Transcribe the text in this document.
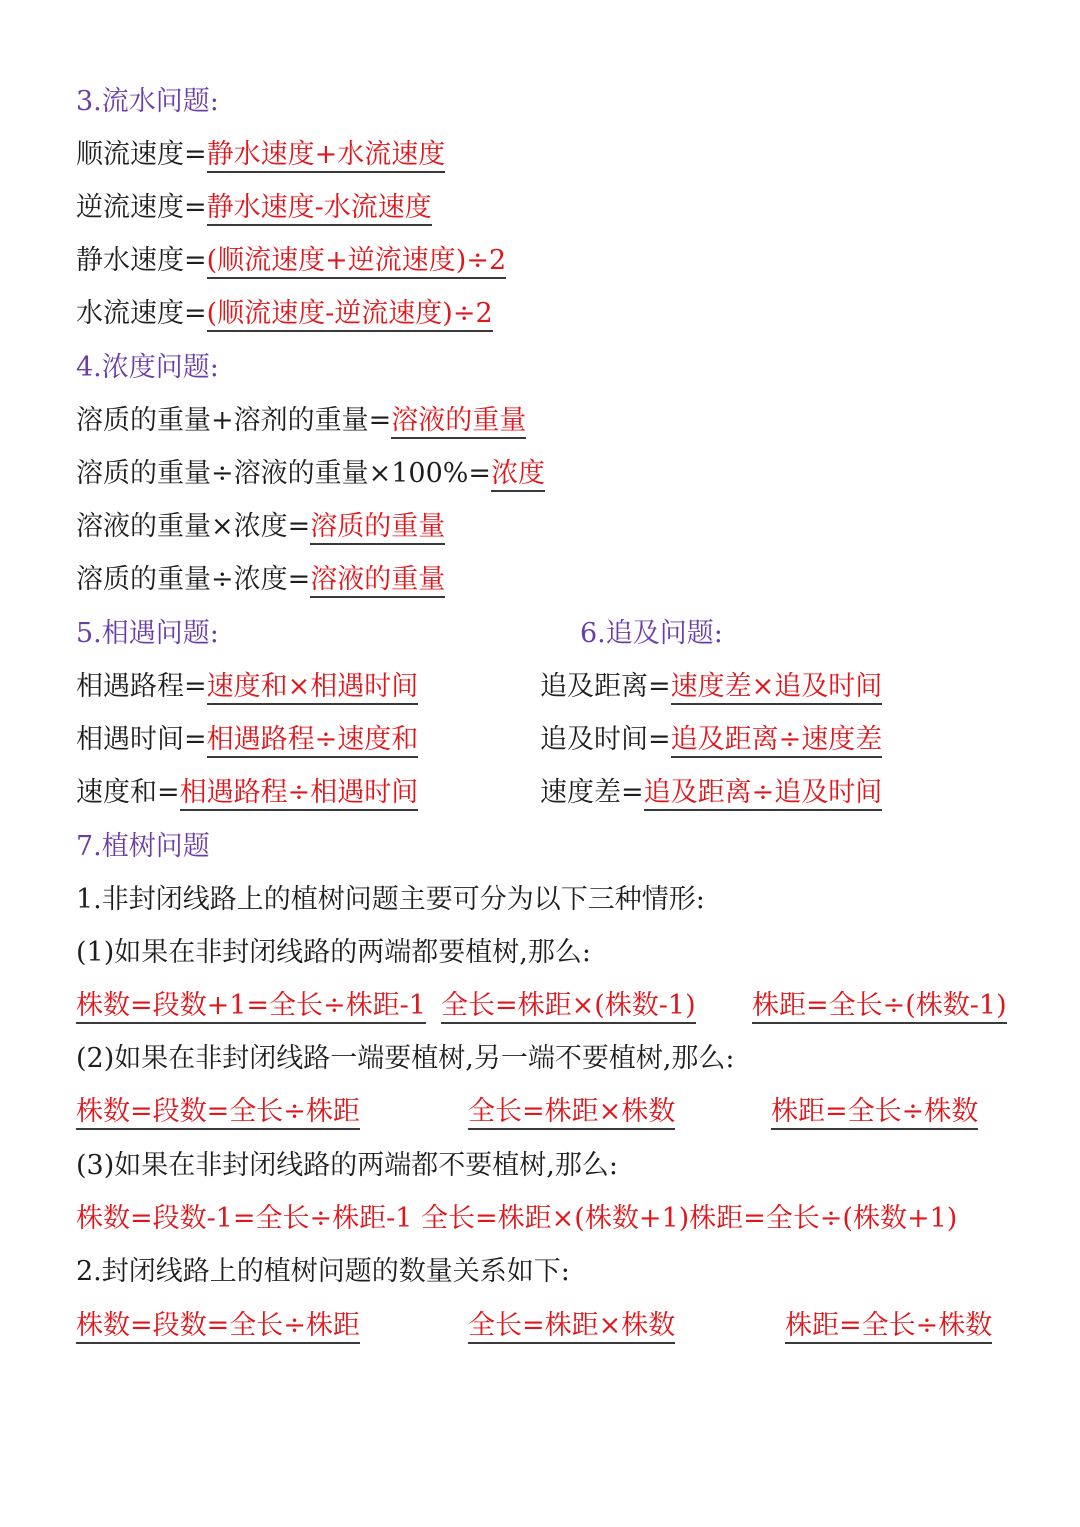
3.流水问题:
顺流速度=静水速度+水流速度
逆流速度=静水速度-水流速度
静水速度=(顺流速度+逆流速度)÷2
水流速度=(顺流速度-逆流速度)÷2
4.浓度问题:
溶质的重量+溶剂的重量=溶液的重量
溶质的重量÷溶液的重量×100%=浓度
溶液的重量×浓度=溶质的重量
溶质的重量÷浓度=溶液的重量
5.相遇问题:	6.追及问题:
相遇路程=速度和×相遇时间	追及距离=速度差×追及时间
相遇时间=相遇路程÷速度和	追及时间=追及距离÷速度差
速度和=相遇路程÷相遇时间	速度差=追及距离÷追及时间
7.植树问题
1.非封闭线路上的植树问题主要可分为以下三种情形:
(1)如果在非封闭线路的两端都要植树,那么:
株数=段数+1=全长÷株距-1 全长=株距×(株数-1) 株距=全长÷(株数-1)
(2)如果在非封闭线路一端要植树,另一端不要植树,那么:
株数=段数=全长÷株距	全长=株距×株数	株距=全长÷株数
(3)如果在非封闭线路的两端都不要植树,那么:
株数=段数-1=全长÷株距-1 全长=株距×(株数+1)株距=全长÷(株数+1)
2.封闭线路上的植树问题的数量关系如下:
株数=段数=全长÷株距	全长=株距×株数	株距=全长÷株数
